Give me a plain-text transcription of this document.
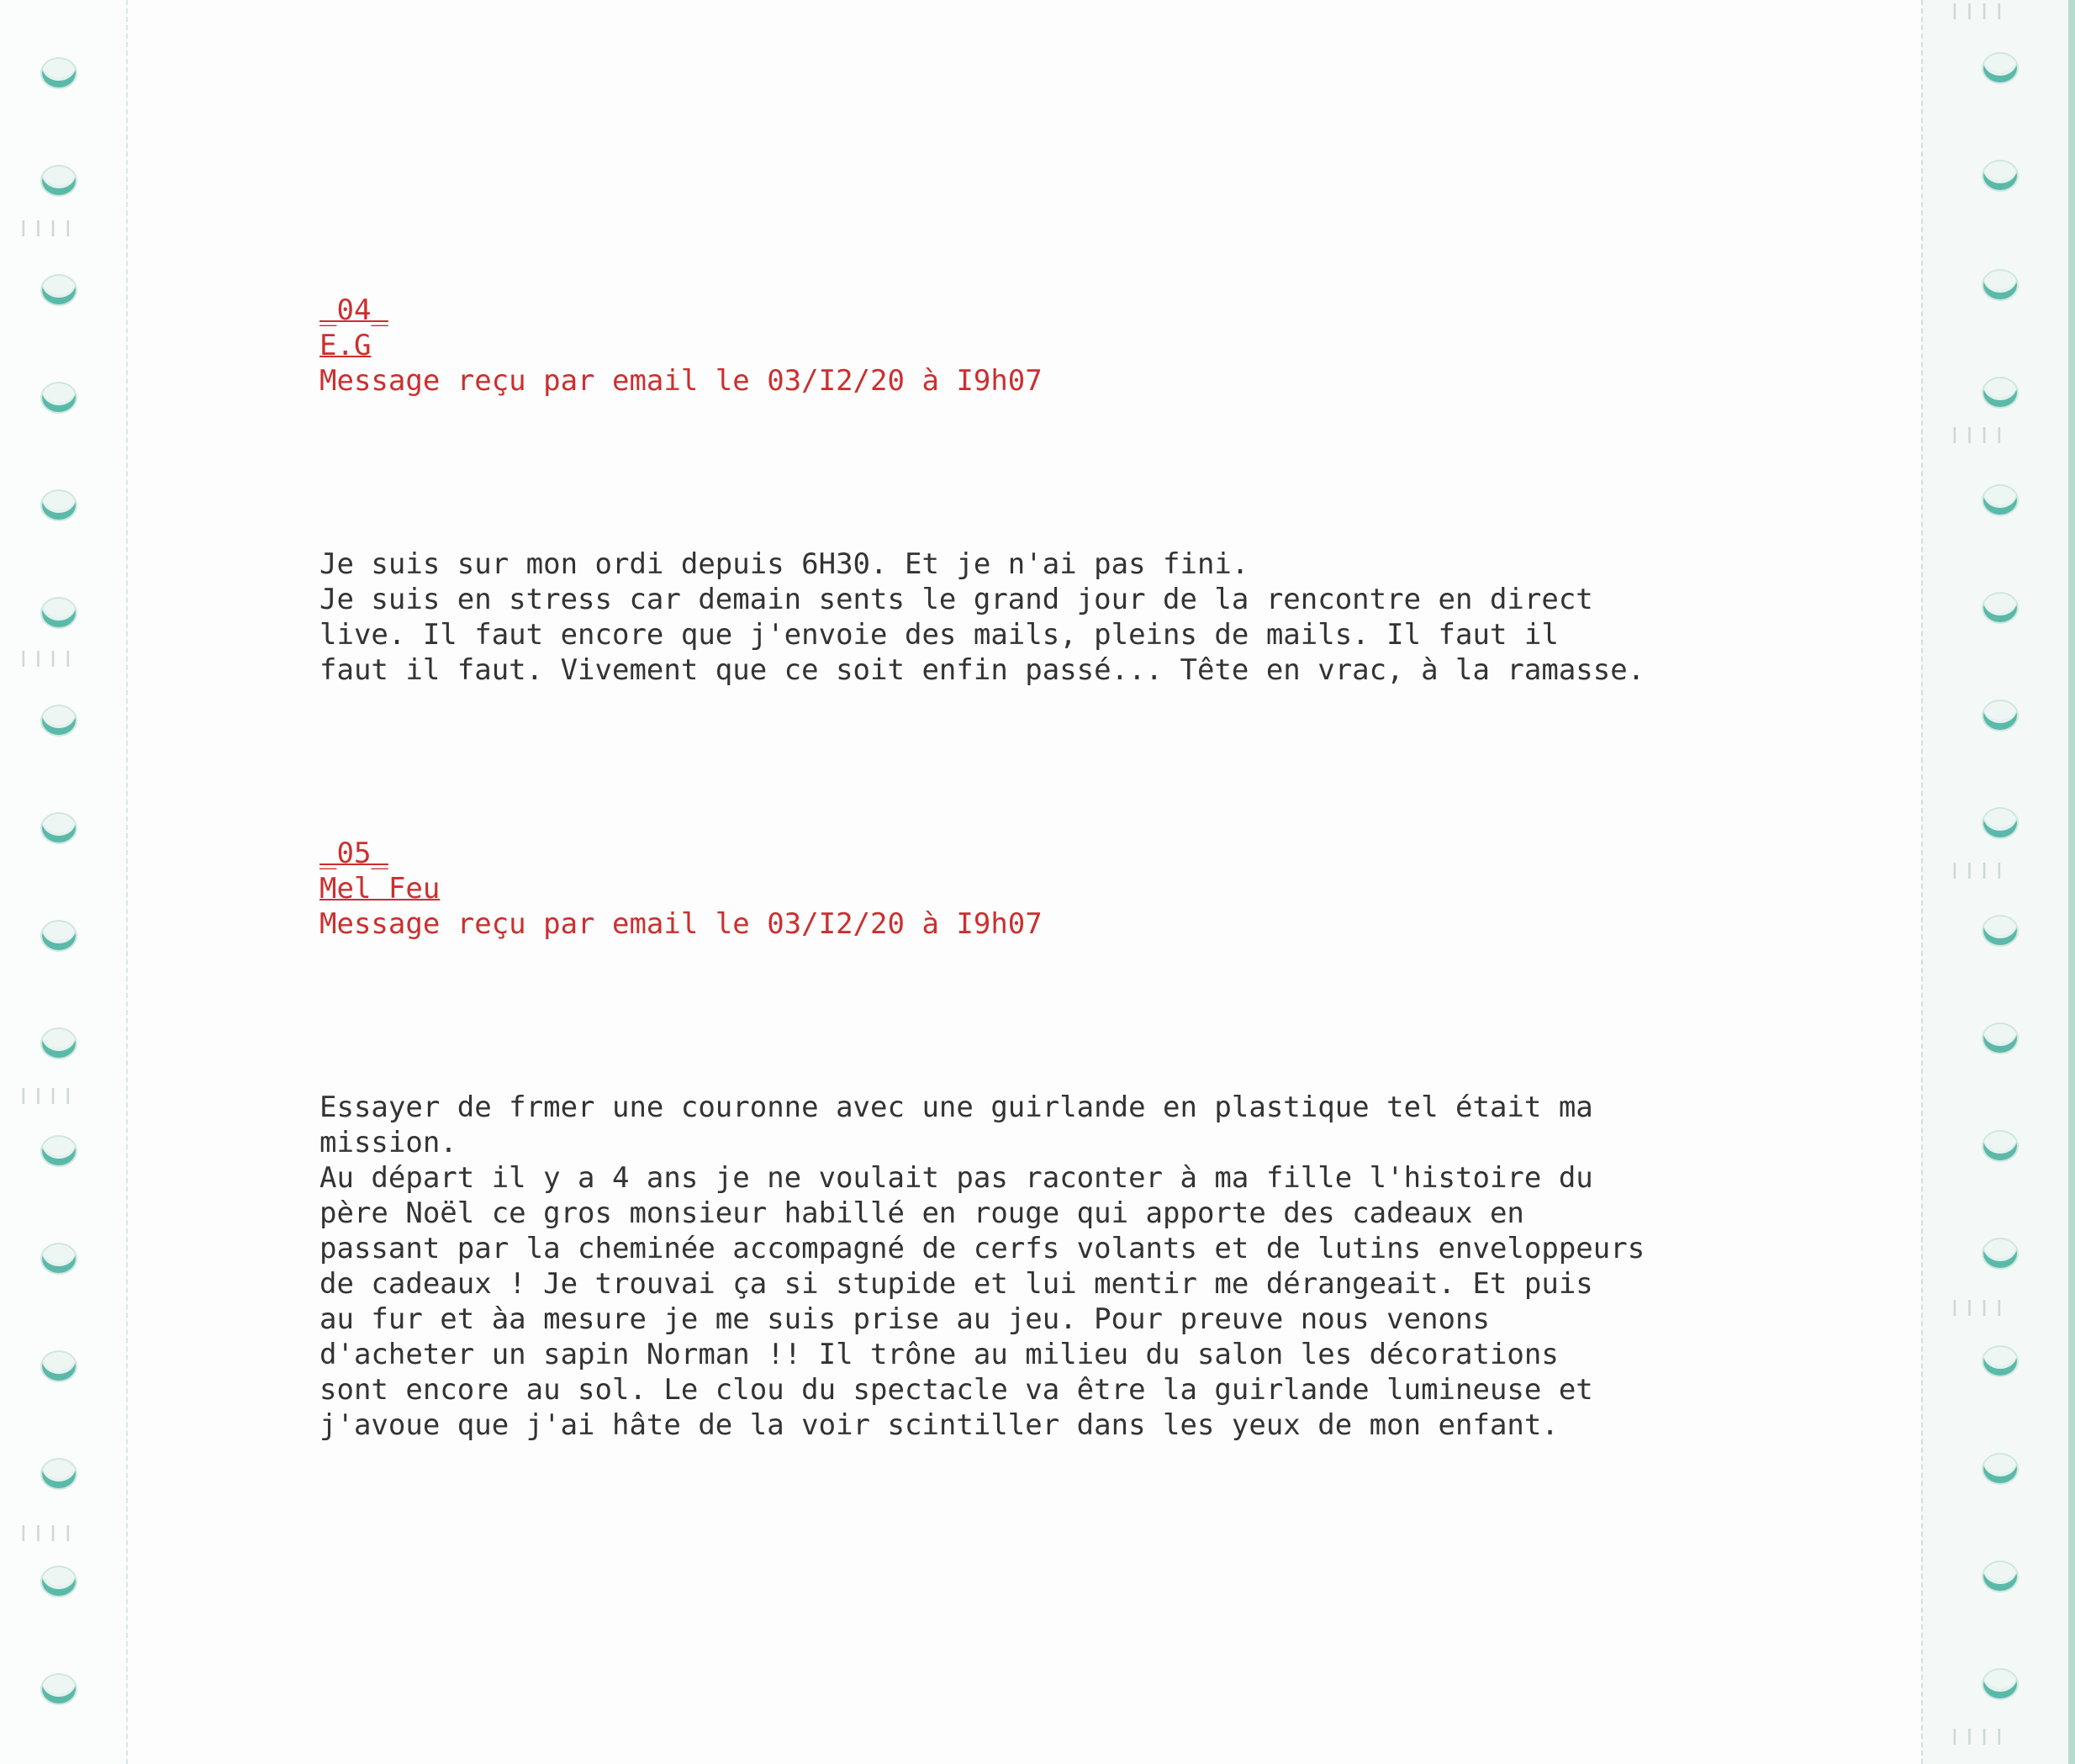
ǀǀǀǀ
ǀǀǀǀ
ǀǀǀǀ
ǀǀǀǀ
ǀǀǀǀ
ǀǀǀǀ
ǀǀǀǀ
ǀǀǀǀ
ǀǀǀǀ

_04_

E.G

Message reçu par email le 03/I2/20 à I9h07

Je suis sur mon ordi depuis 6H30. Et je n'ai pas fini.

Je suis en stress car demain sents le grand jour de la rencontre en direct

live. Il faut encore que j'envoie des mails, pleins de mails. Il faut il

faut il faut. Vivement que ce soit enfin passé... Tête en vrac, à la ramasse.

_05_

Mel Feu

Message reçu par email le 03/I2/20 à I9h07

Essayer de frmer une couronne avec une guirlande en plastique tel était ma

mission.

Au départ il y a 4 ans je ne voulait pas raconter à ma fille l'histoire du

père Noël ce gros monsieur habillé en rouge qui apporte des cadeaux en

passant par la cheminée accompagné de cerfs volants et de lutins enveloppeurs

de cadeaux ! Je trouvai ça si stupide et lui mentir me dérangeait. Et puis

au fur et àa mesure je me suis prise au jeu. Pour preuve nous venons

d'acheter un sapin Norman !! Il trône au milieu du salon les décorations

sont encore au sol. Le clou du spectacle va être la guirlande lumineuse et

j'avoue que j'ai hâte de la voir scintiller dans les yeux de mon enfant.
